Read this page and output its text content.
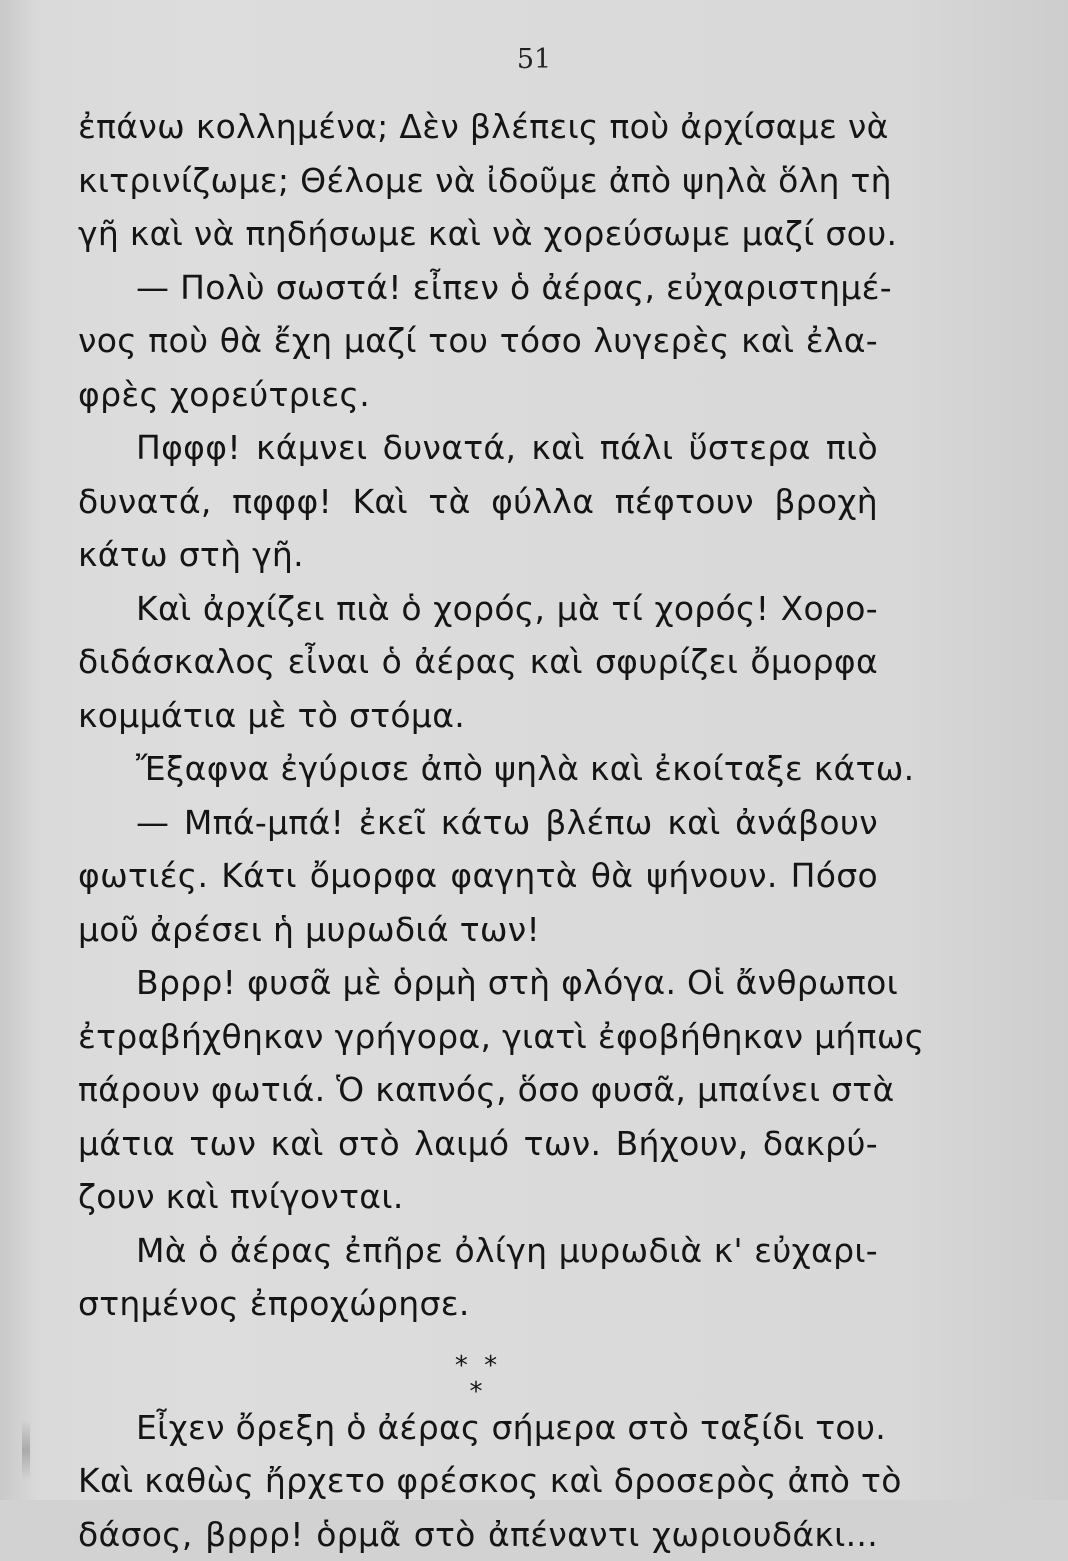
51
ἐπάνω κολλημένα; Δὲν βλέπεις ποὺ ἀρχίσαμε νὰ
κιτρινίζωμε; Θέλομε νὰ ἰδοῦμε ἀπὸ ψηλὰ ὅλη τὴ
γῆ καὶ νὰ πηδήσωμε καὶ νὰ χορεύσωμε μαζί σου.
— Πολὺ σωστά! εἶπεν ὁ ἀέρας, εὐχαριστημέ-
νος ποὺ θὰ ἔχη μαζί του τόσο λυγερὲς καὶ ἐλα-
φρὲς χορεύτριες.
Πφφφ! κάμνει δυνατά, καὶ πάλι ὕστερα πιὸ
δυνατά, πφφφ! Καὶ τὰ φύλλα πέφτουν βροχὴ
κάτω στὴ γῆ.
Καὶ ἀρχίζει πιὰ ὁ χορός, μὰ τί χορός! Χορο-
διδάσκαλος εἶναι ὁ ἀέρας καὶ σφυρίζει ὄμορφα
κομμάτια μὲ τὸ στόμα.
Ἔξαφνα ἐγύρισε ἀπὸ ψηλὰ καὶ ἐκοίταξε κάτω.
— Μπά-μπά! ἐκεῖ κάτω βλέπω καὶ ἀνάβουν
φωτιές. Κάτι ὄμορφα φαγητὰ θὰ ψήνουν. Πόσο
μοῦ ἀρέσει ἡ μυρωδιά των!
Βρρρ! φυσᾶ μὲ ὁρμὴ στὴ φλόγα. Οἱ ἄνθρωποι
ἐτραβήχθηκαν γρήγορα, γιατὶ ἐφοβήθηκαν μήπως
πάρουν φωτιά. Ὁ καπνός, ὅσο φυσᾶ, μπαίνει στὰ
μάτια των καὶ στὸ λαιμό των. Βήχουν, δακρύ-
ζουν καὶ πνίγονται.
Μὰ ὁ ἀέρας ἐπῆρε ὀλίγη μυρωδιὰ κ' εὐχαρι-
στημένος ἐπροχώρησε.
* *
*
Εἶχεν ὄρεξη ὁ ἀέρας σήμερα στὸ ταξίδι του.
Καὶ καθὼς ἤρχετο φρέσκος καὶ δροσερὸς ἀπὸ τὸ
δάσος, βρρρ! ὁρμᾶ στὸ ἀπέναντι χωριουδάκι...
